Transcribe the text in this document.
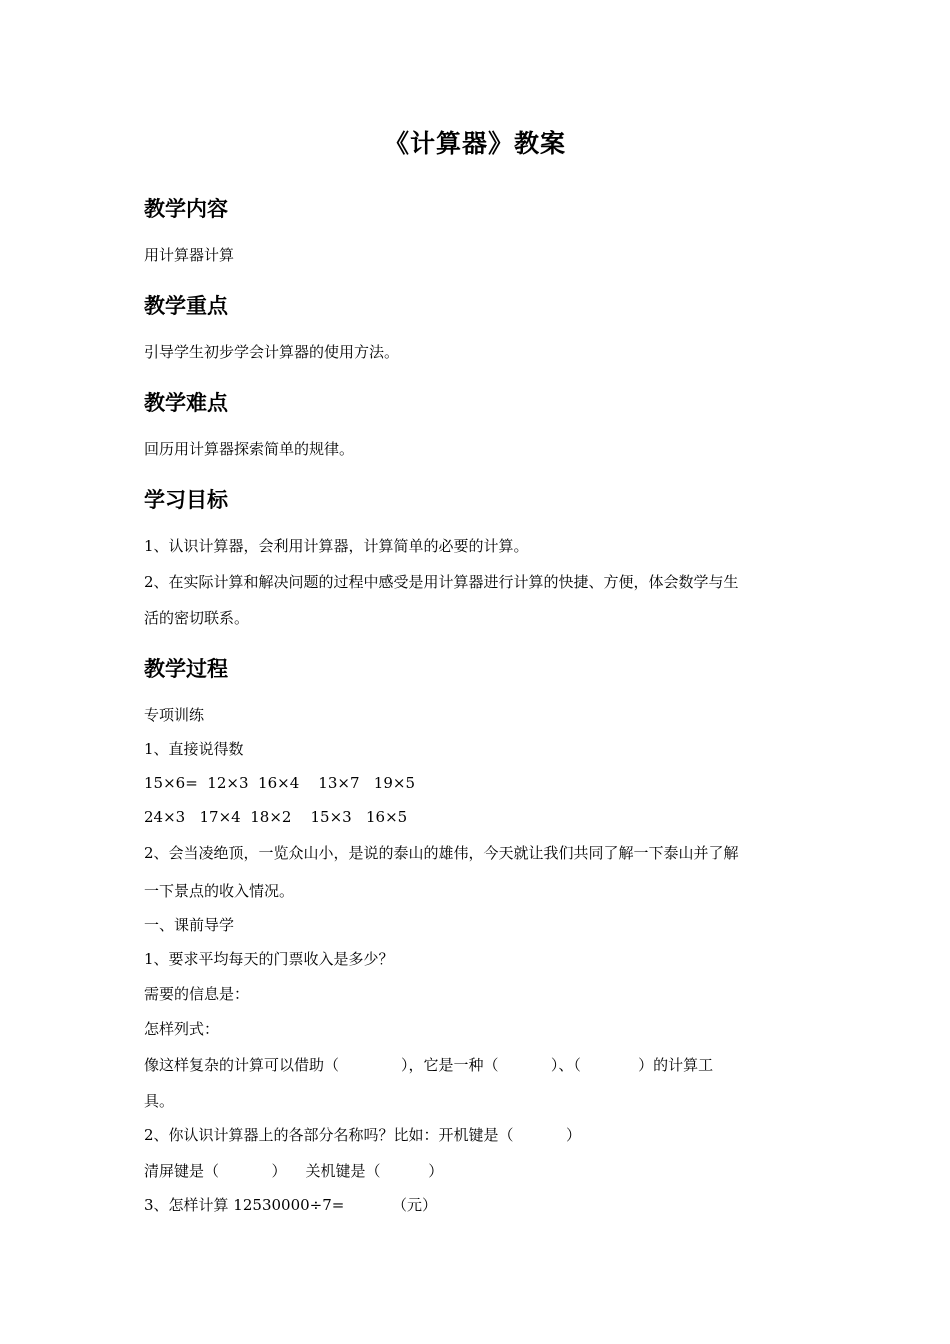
《计算器》教案
教学内容
用计算器计算
教学重点
引导学生初步学会计算器的使用方法。
教学难点
回历用计算器探索简单的规律。
学习目标
1、认识计算器，会利用计算器，计算简单的必要的计算。
2、在实际计算和解决问题的过程中感受是用计算器进行计算的快捷、方便，体会数学与生
活的密切联系。
教学过程
专项训练
1、直接说得数
15×6=  12×3  16×4    13×7   19×5
24×3   17×4  18×2    15×3   16×5
2、会当凌绝顶，一览众山小，是说的泰山的雄伟，今天就让我们共同了解一下泰山并了解
一下景点的收入情况。
一、课前导学
1、要求平均每天的门票收入是多少？
需要的信息是：
怎样列式：
像这样复杂的计算可以借助（             ），它是一种（           ）、（            ）的计算工
具。
2、你认识计算器上的各部分名称吗？比如：开机键是（           ）
清屏键是（           ）    关机键是（          ）
3、怎样计算 12530000÷7=          （元）
